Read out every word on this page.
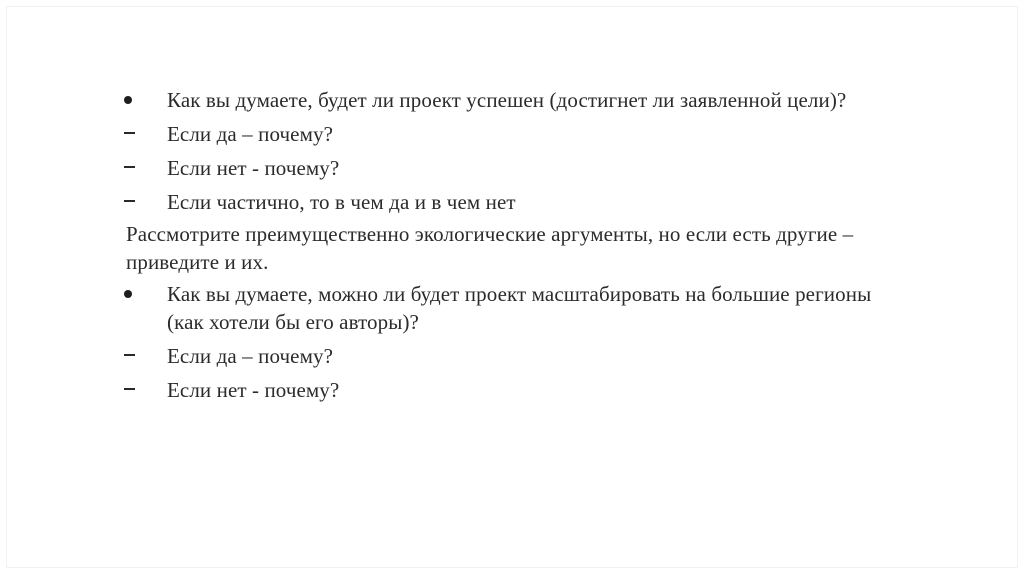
Как вы думаете, будет ли проект успешен (достигнет ли заявленной цели)?
Если да – почему?
Если нет - почему?
Если частично, то в чем да и в чем нет

Рассмотрите преимущественно экологические аргументы, но если есть другие – приведите и их.

Как вы думаете, можно ли будет проект масштабировать на большие регионы (как хотели бы его авторы)?
Если да – почему?
Если нет - почему?
